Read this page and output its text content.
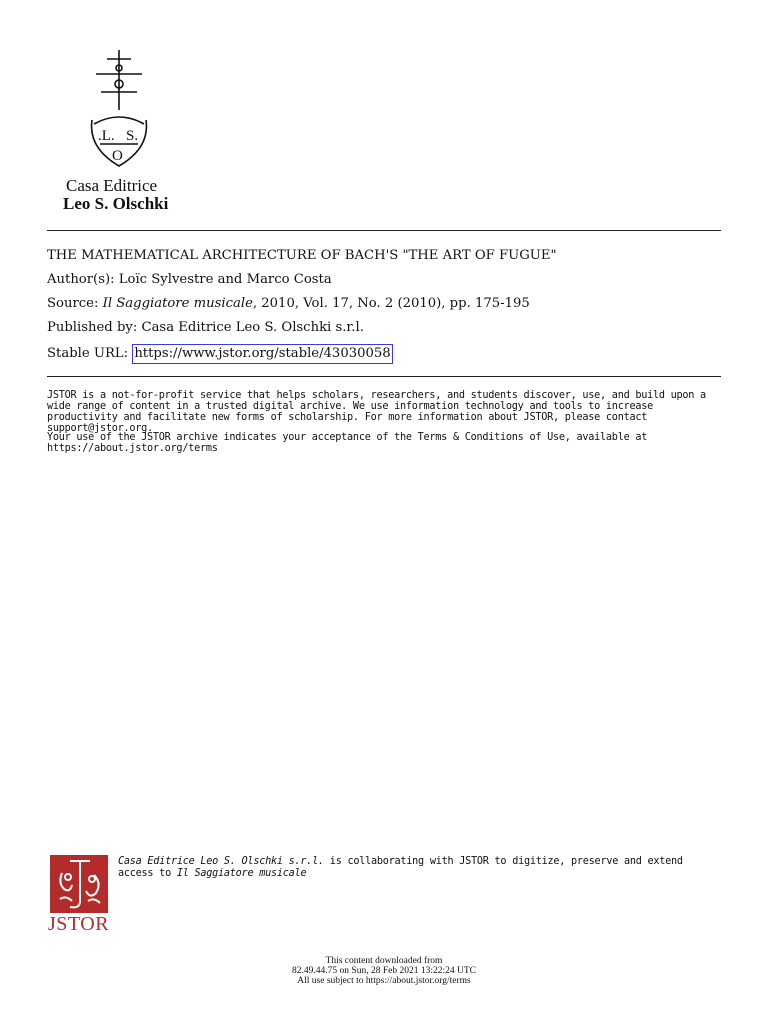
.L. S.
O
Casa Editrice
Leo S. Olschki
THE MATHEMATICAL ARCHITECTURE OF BACH'S "THE ART OF FUGUE"
Author(s): Loïc Sylvestre and Marco Costa
Source: Il Saggiatore musicale, 2010, Vol. 17, No. 2 (2010), pp. 175-195
Published by: Casa Editrice Leo S. Olschki s.r.l.
Stable URL: https://www.jstor.org/stable/43030058
JSTOR is a not-for-profit service that helps scholars, researchers, and students discover, use, and build upon a wide range of content in a trusted digital archive. We use information technology and tools to increase productivity and facilitate new forms of scholarship. For more information about JSTOR, please contact support@jstor.org.
Your use of the JSTOR archive indicates your acceptance of the Terms & Conditions of Use, available at https://about.jstor.org/terms
JSTOR
Casa Editrice Leo S. Olschki s.r.l. is collaborating with JSTOR to digitize, preserve and extend access to Il Saggiatore musicale
This content downloaded from
82.49.44.75 on Sun, 28 Feb 2021 13:22:24 UTC
All use subject to https://about.jstor.org/terms
